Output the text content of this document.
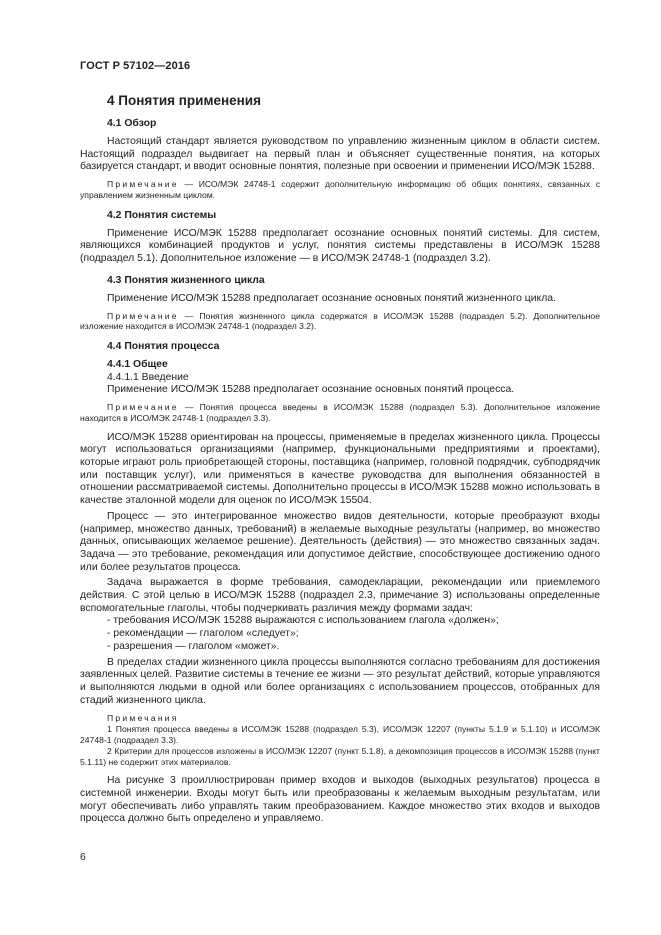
ГОСТ Р 57102—2016
4 Понятия применения
4.1 Обзор

Настоящий стандарт является руководством по управлению жизненным циклом в области систем. Настоящий подраздел выдвигает на первый план и объясняет существенные понятия, на которых базируется стандарт, и вводит основные понятия, полезные при освоении и применении ИСО/МЭК 15288.

Примечание — ИСО/МЭК 24748-1 содержит дополнительную информацию об общих понятиях, связанных с управлением жизненным циклом.

4.2 Понятия системы

Применение ИСО/МЭК 15288 предполагает осознание основных понятий системы. Для систем, являющихся комбинацией продуктов и услуг, понятия системы представлены в ИСО/МЭК 15288 (подраздел 5.1). Дополнительное изложение — в ИСО/МЭК 24748-1 (подраздел 3.2).

4.3 Понятия жизненного цикла

Применение ИСО/МЭК 15288 предполагает осознание основных понятий жизненного цикла.

Примечание — Понятия жизненного цикла содержатся в ИСО/МЭК 15288 (подраздел 5.2). Дополнительное изложение находится в ИСО/МЭК 24748-1 (подраздел 3.2).

4.4 Понятия процесса
4.4.1 Общее

4.4.1.1 Введение

Применение ИСО/МЭК 15288 предполагает осознание основных понятий процесса.

Примечание — Понятия процесса введены в ИСО/МЭК 15288 (подраздел 5.3). Дополнительное изложение находится в ИСО/МЭК 24748-1 (подраздел 3.3).

ИСО/МЭК 15288 ориентирован на процессы, применяемые в пределах жизненного цикла. Процессы могут использоваться организациями (например, функциональными предприятиями и проектами), которые играют роль приобретающей стороны, поставщика (например, головной подрядчик, субподрядчик или поставщик услуг), или применяться в качестве руководства для выполнения обязанностей в отношении рассматриваемой системы. Дополнительно процессы в ИСО/МЭК 15288 можно использовать в качестве эталонной модели для оценок по ИСО/МЭК 15504.

Процесс — это интегрированное множество видов деятельности, которые преобразуют входы (например, множество данных, требований) в желаемые выходные результаты (например, во множество данных, описывающих желаемое решение). Деятельность (действия) — это множество связанных задач. Задача — это требование, рекомендация или допустимое действие, способствующее достижению одного или более результатов процесса.

Задача выражается в форме требования, самодекларации, рекомендации или приемлемого действия. С этой целью в ИСО/МЭК 15288 (подраздел 2.3, примечание 3) использованы определенные вспомогательные глаголы, чтобы подчеркивать различия между формами задач:

- требования ИСО/МЭК 15288 выражаются с использованием глагола «должен»;
- рекомендации — глаголом «следует»;
- разрешения — глаголом «может».

В пределах стадии жизненного цикла процессы выполняются согласно требованиям для достижения заявленных целей. Развитие системы в течение ее жизни — это результат действий, которые управляются и выполняются людьми в одной или более организациях с использованием процессов, отобранных для стадий жизненного цикла.

Примечания

1 Понятия процесса введены в ИСО/МЭК 15288 (подраздел 5.3), ИСО/МЭК 12207 (пункты 5.1.9 и 5.1.10) и ИСО/МЭК 24748-1 (подраздел 3.3).

2 Критерии для процессов изложены в ИСО/МЭК 12207 (пункт 5.1.8), а декомпозиция процессов в ИСО/МЭК 15288 (пункт 5.1.11) не содержит этих материалов.

На рисунке 3 проиллюстрирован пример входов и выходов (выходных результатов) процесса в системной инженерии. Входы могут быть или преобразованы к желаемым выходным результатам, или могут обеспечивать либо управлять таким преобразованием. Каждое множество этих входов и выходов процесса должно быть определено и управляемо.

6
